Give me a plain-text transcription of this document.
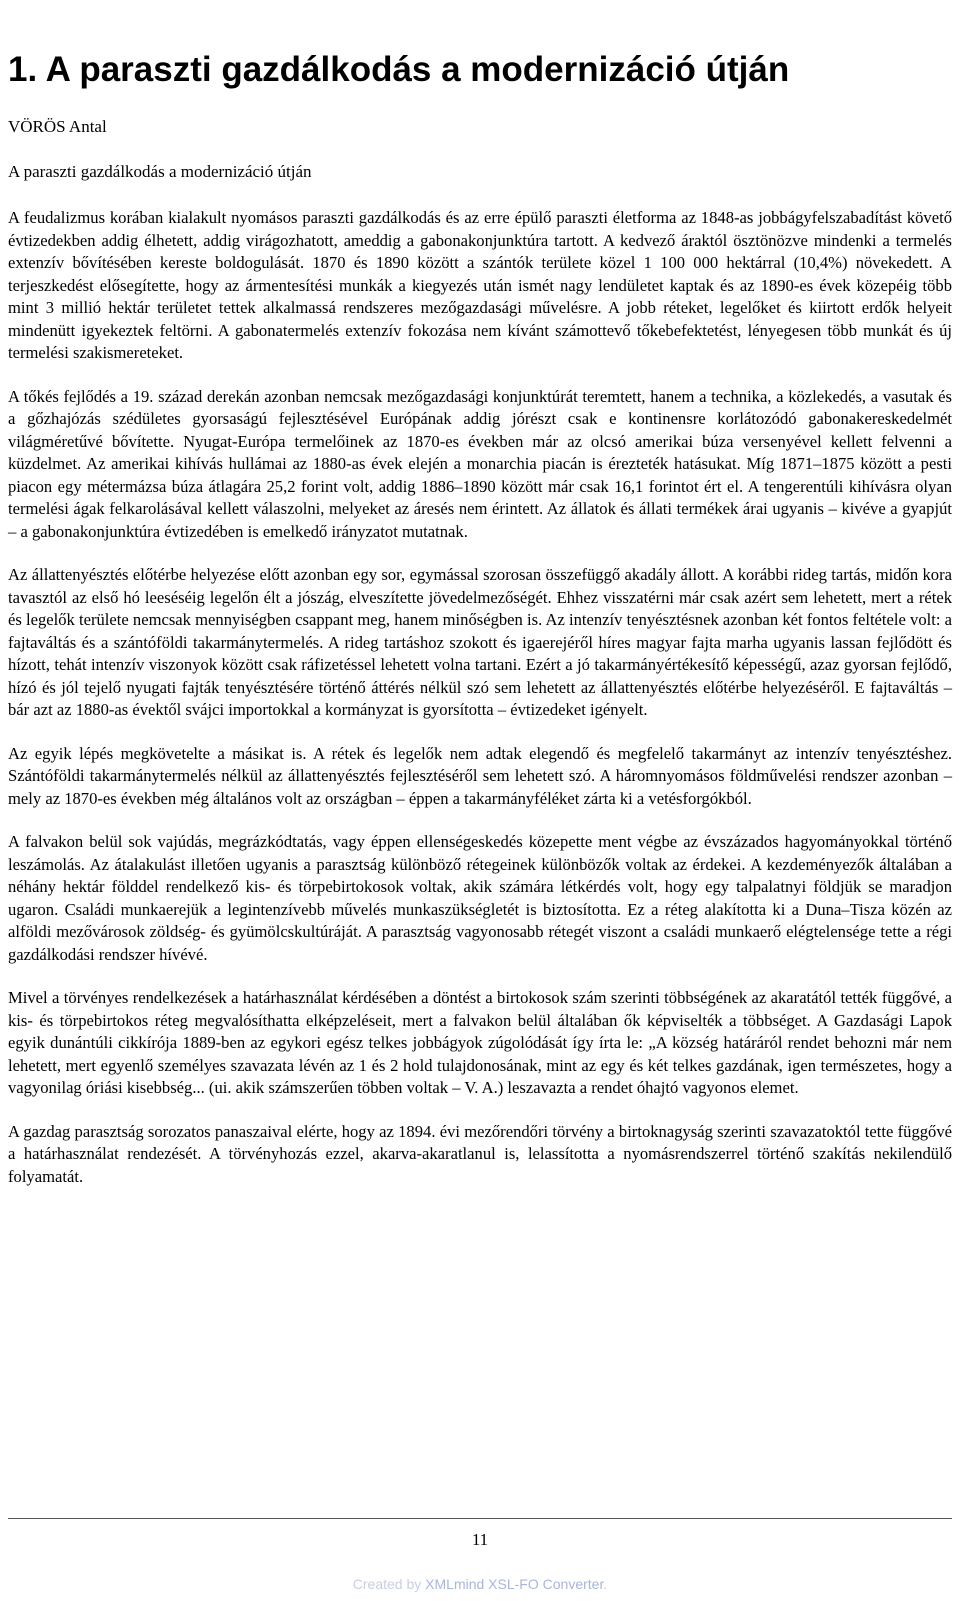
1. A paraszti gazdálkodás a modernizáció útján
VÖRÖS Antal
A paraszti gazdálkodás a modernizáció útján

A feudalizmus korában kialakult nyomásos paraszti gazdálkodás és az erre épülő paraszti életforma az 1848-as jobbágyfelszabadítást követő évtizedekben addig élhetett, addig virágozhatott, ameddig a gabonakonjunktúra tartott. A kedvező áraktól ösztönözve mindenki a termelés extenzív bővítésében kereste boldogulását. 1870 és 1890 között a szántók területe közel 1 100 000 hektárral (10,4%) növekedett. A terjeszkedést elősegítette, hogy az ármentesítési munkák a kiegyezés után ismét nagy lendületet kaptak és az 1890-es évek közepéig több mint 3 millió hektár területet tettek alkalmassá rendszeres mezőgazdasági művelésre. A jobb réteket, legelőket és kiirtott erdők helyeit mindenütt igyekeztek feltörni. A gabonatermelés extenzív fokozása nem kívánt számottevő tőkebefektetést, lényegesen több munkát és új termelési szakismereteket.

A tőkés fejlődés a 19. század derekán azonban nemcsak mezőgazdasági konjunktúrát teremtett, hanem a technika, a közlekedés, a vasutak és a gőzhajózás szédületes gyorsaságú fejlesztésével Európának addig jórészt csak e kontinensre korlátozódó gabonakereskedelmét világméretűvé bővítette. Nyugat-Európa termelőinek az 1870-es években már az olcsó amerikai búza versenyével kellett felvenni a küzdelmet. Az amerikai kihívás hullámai az 1880-as évek elején a monarchia piacán is érezteték hatásukat. Míg 1871–1875 között a pesti piacon egy métermázsa búza átlagára 25,2 forint volt, addig 1886–1890 között már csak 16,1 forintot ért el. A tengerentúli kihívásra olyan termelési ágak felkarolásával kellett válaszolni, melyeket az áresés nem érintett. Az állatok és állati termékek árai ugyanis – kivéve a gyapjút – a gabonakonjunktúra évtizedében is emelkedő irányzatot mutatnak.

Az állattenyésztés előtérbe helyezése előtt azonban egy sor, egymással szorosan összefüggő akadály állott. A korábbi rideg tartás, midőn kora tavasztól az első hó leeséséig legelőn élt a jószág, elveszítette jövedelmezőségét. Ehhez visszatérni már csak azért sem lehetett, mert a rétek és legelők területe nemcsak mennyiségben csappant meg, hanem minőségben is. Az intenzív tenyésztésnek azonban két fontos feltétele volt: a fajtaváltás és a szántóföldi takarmánytermelés. A rideg tartáshoz szokott és igaerejéről híres magyar fajta marha ugyanis lassan fejlődött és hízott, tehát intenzív viszonyok között csak ráfizetéssel lehetett volna tartani. Ezért a jó takarmányértékesítő képességű, azaz gyorsan fejlődő, hízó és jól tejelő nyugati fajták tenyésztésére történő áttérés nélkül szó sem lehetett az állattenyésztés előtérbe helyezéséről. E fajtaváltás – bár azt az 1880-as évektől svájci importokkal a kormányzat is gyorsította – évtizedeket igényelt.

Az egyik lépés megkövetelte a másikat is. A rétek és legelők nem adtak elegendő és megfelelő takarmányt az intenzív tenyésztéshez. Szántóföldi takarmánytermelés nélkül az állattenyésztés fejlesztéséről sem lehetett szó. A háromnyomásos földművelési rendszer azonban – mely az 1870-es években még általános volt az országban – éppen a takarmányféléket zárta ki a vetésforgókból.

A falvakon belül sok vajúdás, megrázkódtatás, vagy éppen ellenségeskedés közepette ment végbe az évszázados hagyományokkal történő leszámolás. Az átalakulást illetően ugyanis a parasztság különböző rétegeinek különbözők voltak az érdekei. A kezdeményezők általában a néhány hektár földdel rendelkező kis- és törpebirtokosok voltak, akik számára létkérdés volt, hogy egy talpalatnyi földjük se maradjon ugaron. Családi munkaerejük a legintenzívebb művelés munkaszükségletét is biztosította. Ez a réteg alakította ki a Duna–Tisza közén az alföldi mezővárosok zöldség- és gyümölcskultúráját. A parasztság vagyonosabb rétegét viszont a családi munkaerő elégtelensége tette a régi gazdálkodási rendszer hívévé.

Mivel a törvényes rendelkezések a határhasználat kérdésében a döntést a birtokosok szám szerinti többségének az akaratától tették függővé, a kis- és törpebirtokos réteg megvalósíthatta elképzeléseit, mert a falvakon belül általában ők képviselték a többséget. A Gazdasági Lapok egyik dunántúli cikkírója 1889-ben az egykori egész telkes jobbágyok zúgolódását így írta le: „A község határáról rendet behozni már nem lehetett, mert egyenlő személyes szavazata lévén az 1 és 2 hold tulajdonosának, mint az egy és két telkes gazdának, igen természetes, hogy a vagyonilag óriási kisebbség... (ui. akik számszerűen többen voltak – V. A.) leszavazta a rendet óhajtó vagyonos elemet.

A gazdag parasztság sorozatos panaszaival elérte, hogy az 1894. évi mezőrendőri törvény a birtoknagyság szerinti szavazatoktól tette függővé a határhasználat rendezését. A törvényhozás ezzel, akarva-akaratlanul is, lelassította a nyomásrendszerrel történő szakítás nekilendülő folyamatát.

11
Created by XMLmind XSL-FO Converter.
